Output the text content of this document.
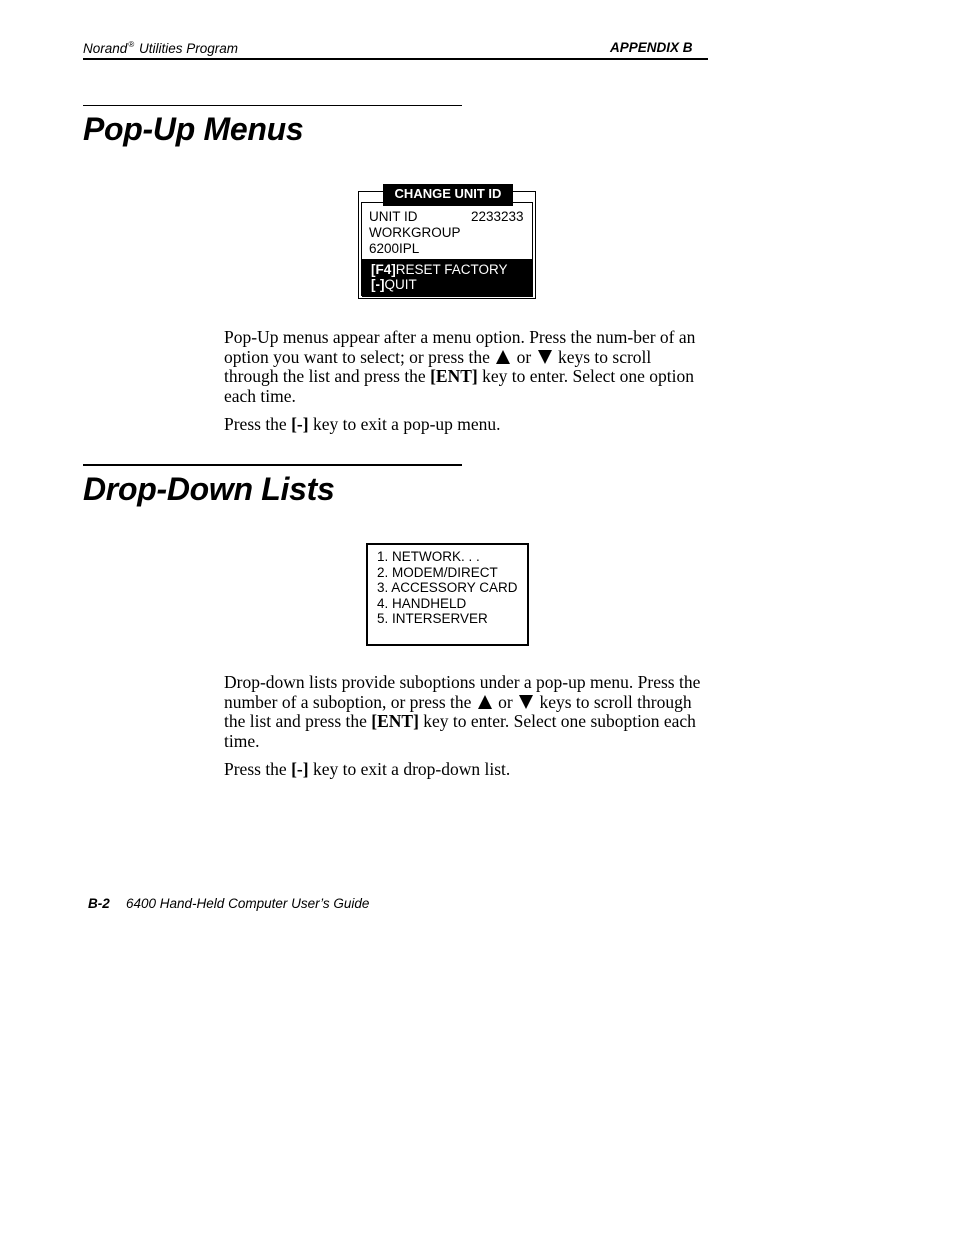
Norand® Utilities Program	APPENDIX B
Pop-Up Menus
CHANGE UNIT ID
UNIT ID	2233233
WORKGROUP
6200IPL
[F4]RESET FACTORY
[-]QUIT

Pop-Up menus appear after a menu option. Press the num-ber of an option you want to select; or press the or keys to scroll through the list and press the [ENT] key to enter. Select one option each time.

Press the [-] key to exit a pop-up menu.

Drop-Down Lists
1. NETWORK. . .
2. MODEM/DIRECT
3. ACCESSORY CARD
4. HANDHELD
5. INTERSERVER

Drop-down lists provide suboptions under a pop-up menu. Press the number of a suboption, or press the or keys to scroll through the list and press the [ENT] key to enter. Select one suboption each time.

Press the [-] key to exit a drop-down list.

B-2 6400 Hand-Held Computer User’s Guide
